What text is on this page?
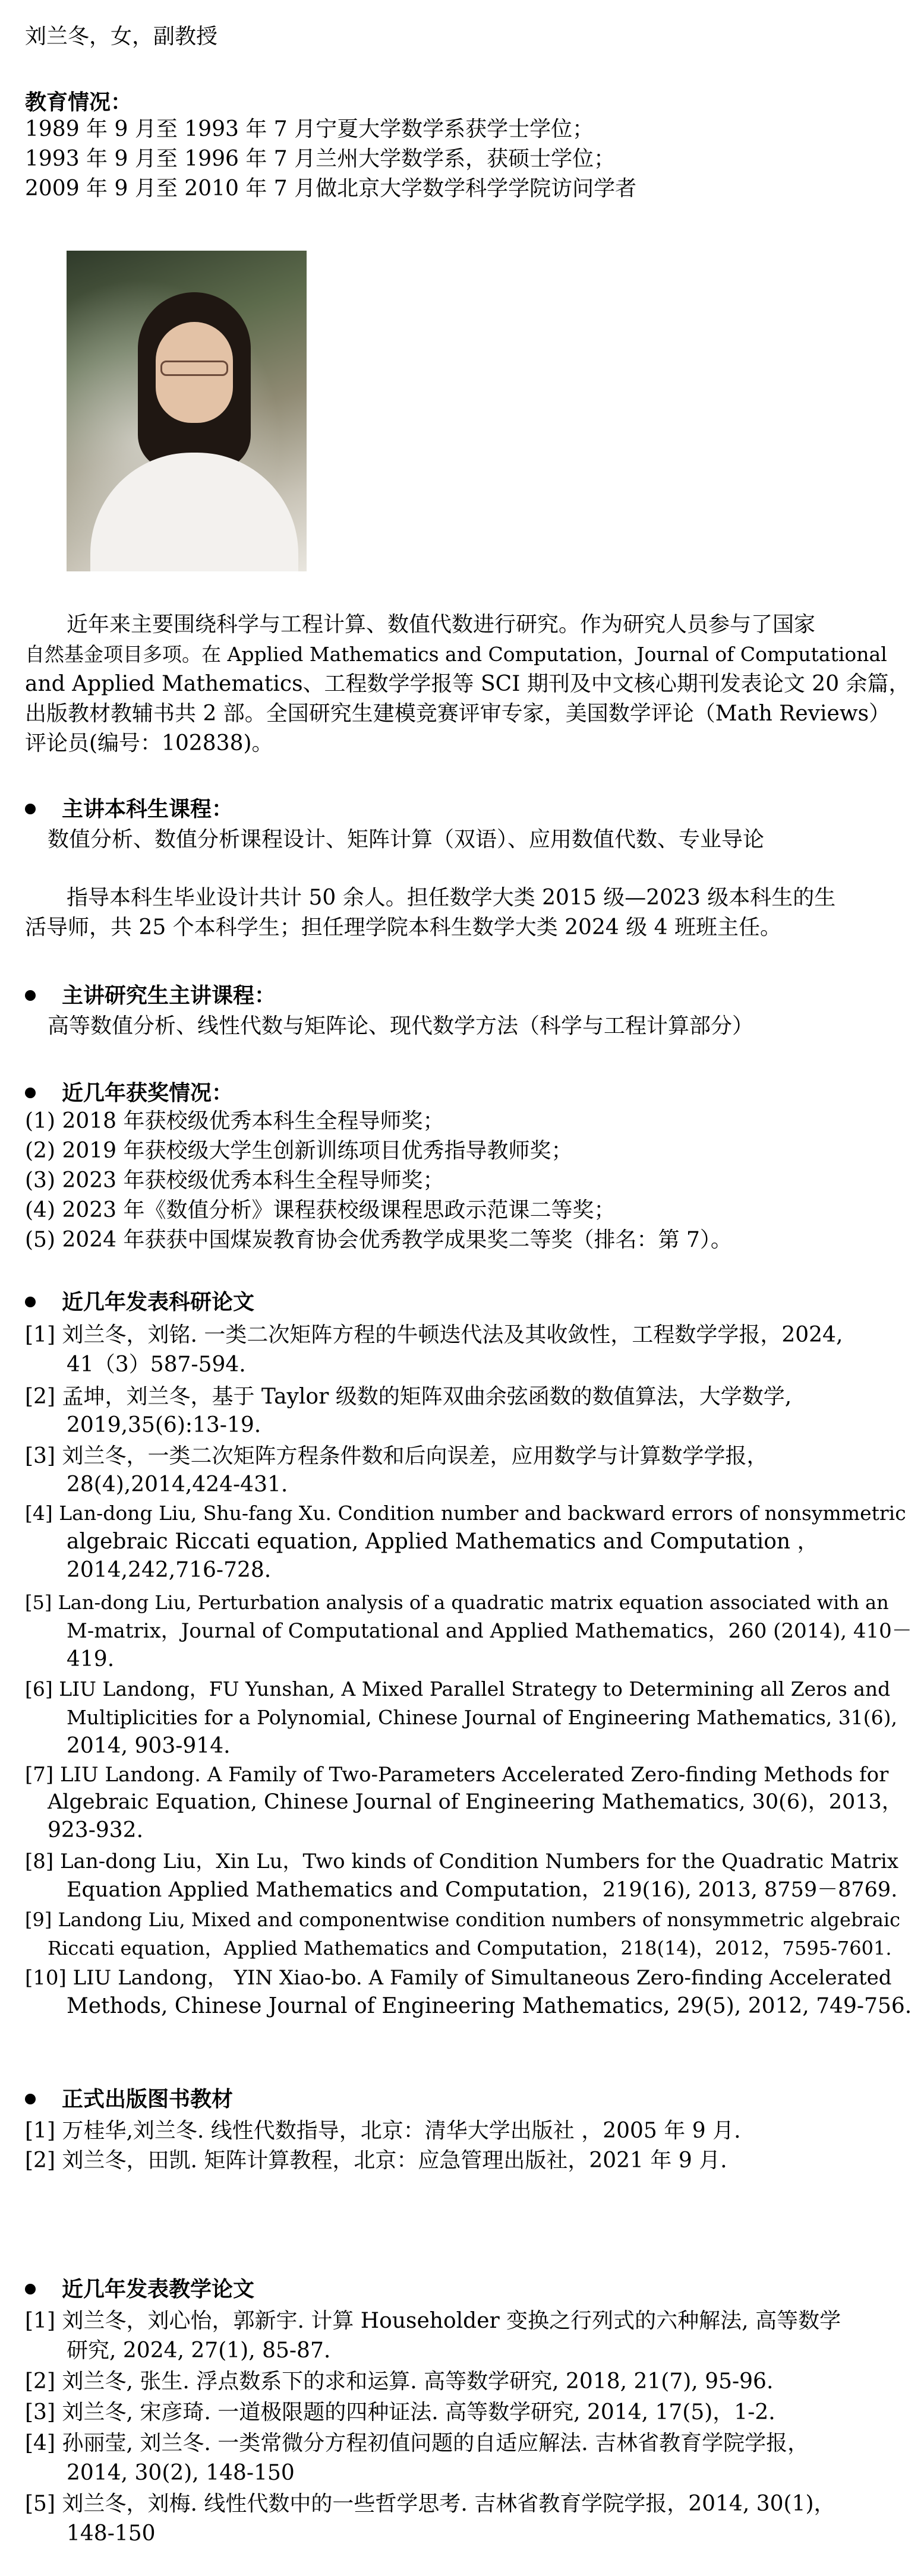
刘兰冬，女，副教授
教育情况：
1989 年 9 月至 1993 年 7 月宁夏大学数学系获学士学位；
1993 年 9 月至 1996 年 7 月兰州大学数学系，获硕士学位；
2009 年 9 月至 2010 年 7 月做北京大学数学科学学院访问学者
近年来主要围绕科学与工程计算、数值代数进行研究。作为研究人员参与了国家
自然基金项目多项。在 Applied Mathematics and Computation，Journal of Computational
and Applied Mathematics、工程数学学报等 SCI 期刊及中文核心期刊发表论文 20 余篇，
出版教材教辅书共 2 部。全国研究生建模竞赛评审专家，美国数学评论（Math Reviews）
评论员(编号：102838)。
主讲本科生课程：
数值分析、数值分析课程设计、矩阵计算（双语）、应用数值代数、专业导论
指导本科生毕业设计共计 50 余人。担任数学大类 2015 级—2023 级本科生的生
活导师，共 25 个本科学生；担任理学院本科生数学大类 2024 级 4 班班主任。
主讲研究生主讲课程：
高等数值分析、线性代数与矩阵论、现代数学方法（科学与工程计算部分）
近几年获奖情况：
(1) 2018 年获校级优秀本科生全程导师奖；
(2) 2019 年获校级大学生创新训练项目优秀指导教师奖；
(3) 2023 年获校级优秀本科生全程导师奖；
(4) 2023 年《数值分析》课程获校级课程思政示范课二等奖；
(5) 2024 年获获中国煤炭教育协会优秀教学成果奖二等奖（排名：第 7）。
近几年发表科研论文
[1] 刘兰冬，刘铭. 一类二次矩阵方程的牛顿迭代法及其收敛性，工程数学学报，2024,
41（3）587-594.
[2] 孟坤，刘兰冬，基于 Taylor 级数的矩阵双曲余弦函数的数值算法，大学数学,
2019,35(6):13-19.
[3] 刘兰冬，一类二次矩阵方程条件数和后向误差，应用数学与计算数学学报，
28(4),2014,424-431.
[4] Lan-dong Liu, Shu-fang Xu. Condition number and backward errors of nonsymmetric
algebraic Riccati equation, Applied Mathematics and Computation ，
2014,242,716-728.
[5] Lan-dong Liu, Perturbation analysis of a quadratic matrix equation associated with an
M-matrix，Journal of Computational and Applied Mathematics，260 (2014), 410－
419.
[6] LIU Landong，FU Yunshan, A Mixed Parallel Strategy to Determining all Zeros and
Multiplicities for a Polynomial, Chinese Journal of Engineering Mathematics, 31(6),
2014, 903-914.
[7] LIU Landong. A Family of Two-Parameters Accelerated Zero-finding Methods for
Algebraic Equation, Chinese Journal of Engineering Mathematics, 30(6)，2013，
923-932.
[8] Lan-dong Liu，Xin Lu，Two kinds of Condition Numbers for the Quadratic Matrix
Equation Applied Mathematics and Computation，219(16), 2013, 8759－8769.
[9] Landong Liu, Mixed and componentwise condition numbers of nonsymmetric algebraic
Riccati equation，Applied Mathematics and Computation，218(14)，2012，7595-7601.
[10] LIU Landong， YIN Xiao-bo. A Family of Simultaneous Zero-finding Accelerated
Methods, Chinese Journal of Engineering Mathematics, 29(5), 2012, 749-756.
正式出版图书教材
[1] 万桂华,刘兰冬. 线性代数指导，北京：清华大学出版社 ，2005 年 9 月.
[2] 刘兰冬，田凯. 矩阵计算教程，北京：应急管理出版社，2021 年 9 月.
近几年发表教学论文
[1] 刘兰冬，刘心怡，郭新宇. 计算 Householder 变换之行列式的六种解法, 高等数学
研究, 2024, 27(1), 85-87.
[2] 刘兰冬, 张生. 浮点数系下的求和运算. 高等数学研究, 2018, 21(7), 95-96.
[3] 刘兰冬, 宋彦琦. 一道极限题的四种证法. 高等数学研究, 2014, 17(5)，1-2.
[4] 孙丽莹, 刘兰冬. 一类常微分方程初值问题的自适应解法. 吉林省教育学院学报，
2014, 30(2), 148-150
[5] 刘兰冬，刘梅. 线性代数中的一些哲学思考. 吉林省教育学院学报，2014, 30(1)，
148-150
